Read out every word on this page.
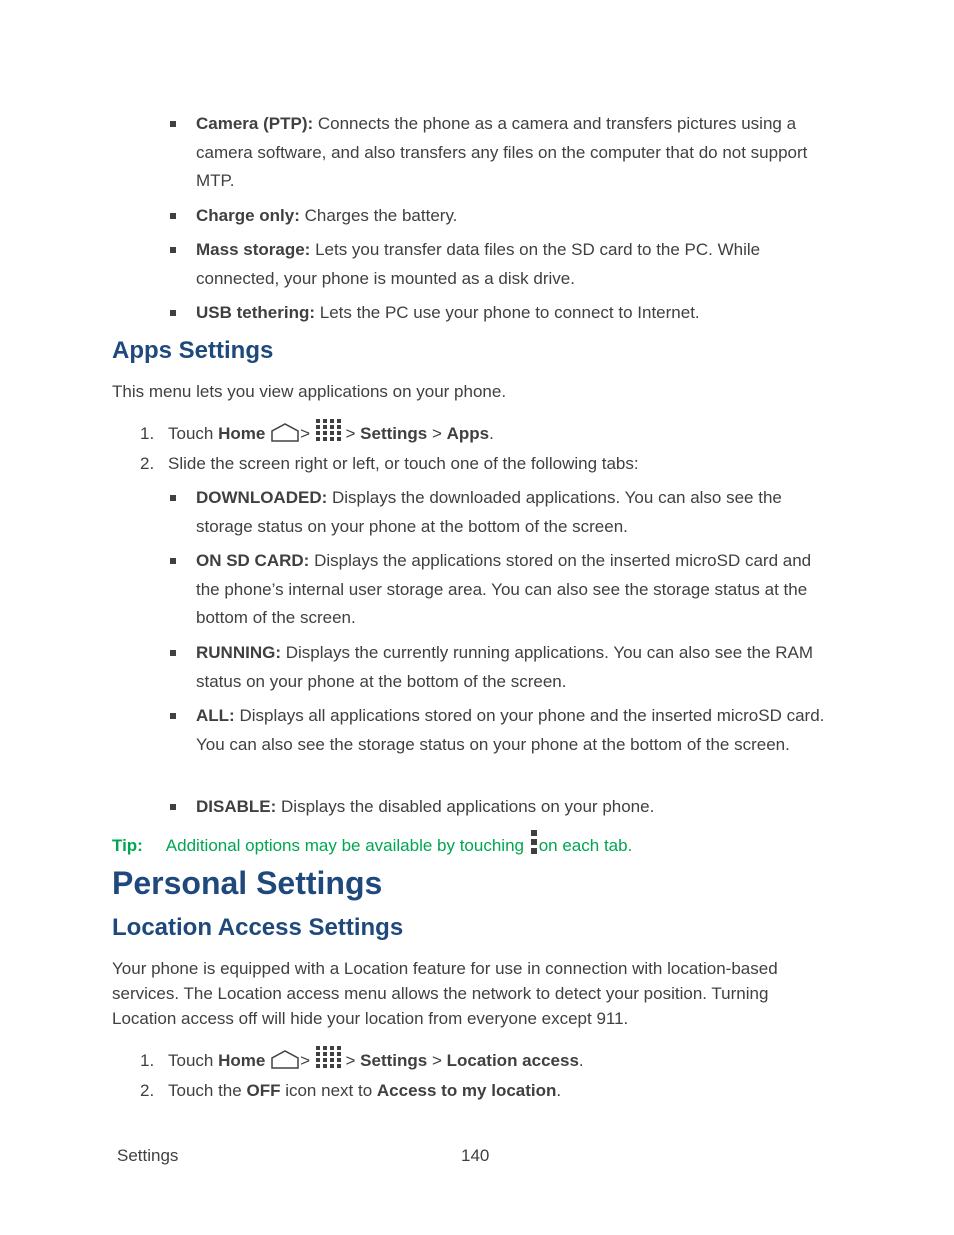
Camera (PTP): Connects the phone as a camera and transfers pictures using a camera software, and also transfers any files on the computer that do not support MTP.
Charge only: Charges the battery.
Mass storage: Lets you transfer data files on the SD card to the PC. While connected, your phone is mounted as a disk drive.
USB tethering: Lets the PC use your phone to connect to Internet.
Apps Settings
This menu lets you view applications on your phone.
1. Touch Home > > Settings > Apps.
2. Slide the screen right or left, or touch one of the following tabs:
DOWNLOADED: Displays the downloaded applications. You can also see the storage status on your phone at the bottom of the screen.
ON SD CARD: Displays the applications stored on the inserted microSD card and the phone’s internal user storage area. You can also see the storage status at the bottom of the screen.
RUNNING: Displays the currently running applications. You can also see the RAM status on your phone at the bottom of the screen.
ALL: Displays all applications stored on your phone and the inserted microSD card. You can also see the storage status on your phone at the bottom of the screen.
DISABLE: Displays the disabled applications on your phone.
Tip: Additional options may be available by touching on each tab.
Personal Settings
Location Access Settings
Your phone is equipped with a Location feature for use in connection with location-based services. The Location access menu allows the network to detect your position. Turning Location access off will hide your location from everyone except 911.
1. Touch Home > > Settings > Location access.
2. Touch the OFF icon next to Access to my location.
Settings	140
